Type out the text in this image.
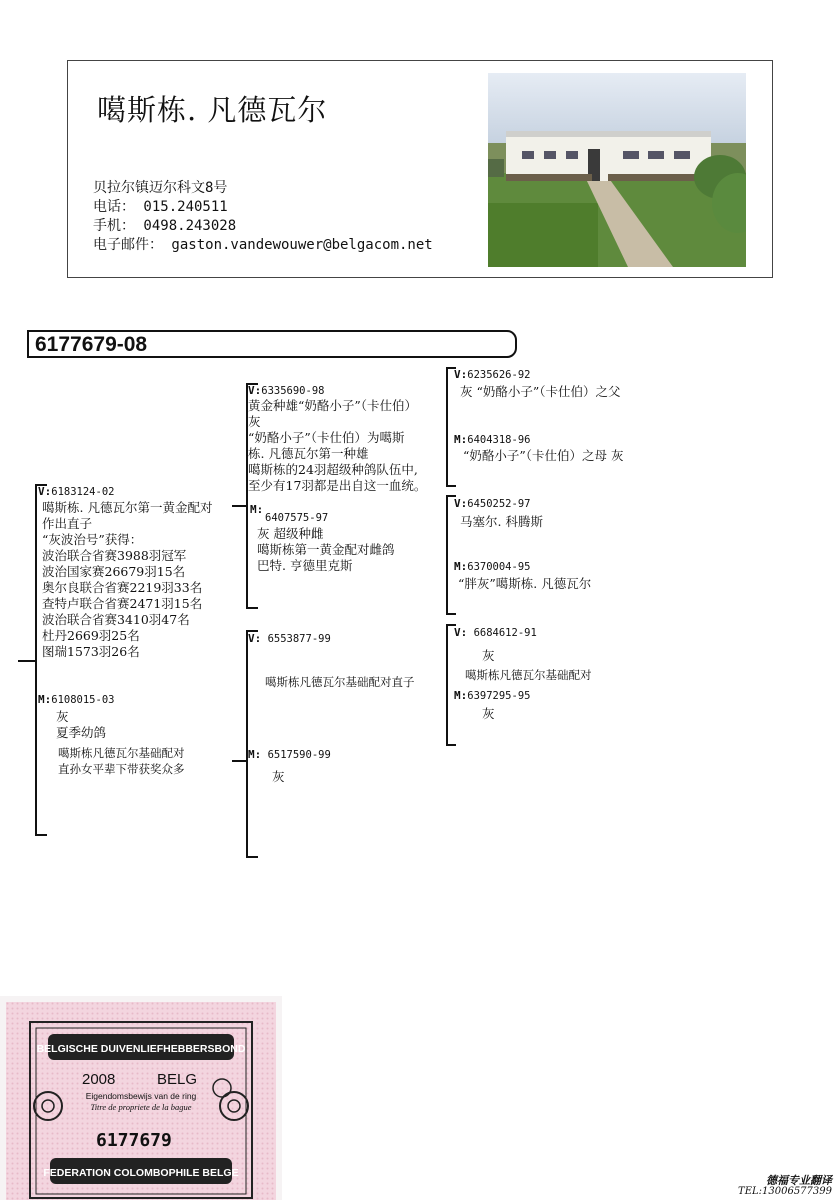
噶斯栋. 凡德瓦尔
贝拉尔镇迈尔科文8号
电话： 015.240511
手机： 0498.243028
电子邮件： gaston.vandewouwer@belgacom.net
6177679-08
V:6183124-02
噶斯栋. 凡德瓦尔第一黄金配对
作出直子
“灰波治号”获得：
波治联合省赛3988羽冠军
波治国家赛26679羽15名
奥尔良联合省赛2219羽33名
查特卢联合省赛2471羽15名
波治联合省赛3410羽47名
杜丹2669羽25名
图瑞1573羽26名
M:6108015-03
灰
夏季幼鸽
噶斯栋凡德瓦尔基础配对
直孙女平辈下带获奖众多
V:6335690-98
黄金种雄“奶酪小子”（卡仕伯）
灰
“奶酪小子”（卡仕伯）为噶斯
栋. 凡德瓦尔第一种雄
噶斯栋的24羽超级种鸽队伍中,
至少有17羽都是出自这一血统。
M:
6407575-97
灰 超级种雌
噶斯栋第一黄金配对雌鸽
巴特. 亨德里克斯
V: 6553877-99
噶斯栋凡德瓦尔基础配对直子
M: 6517590-99
灰
V:6235626-92
灰 “奶酪小子”（卡仕伯）之父
M:6404318-96
“奶酪小子”（卡仕伯）之母 灰
V:6450252-97
马塞尔. 科腾斯
M:6370004-95
“胖灰”噶斯栋. 凡德瓦尔
V: 6684612-91
灰
噶斯栋凡德瓦尔基础配对
M:6397295-95
灰
BELGISCHE DUIVENLIEFHEBBERSBOND
2008	BELG
Eigendomsbewijs van de ring
Titre de propriete de la bague
6177679
FEDERATION COLOMBOPHILE BELGE
德福专业翻译
TEL:13006577399
